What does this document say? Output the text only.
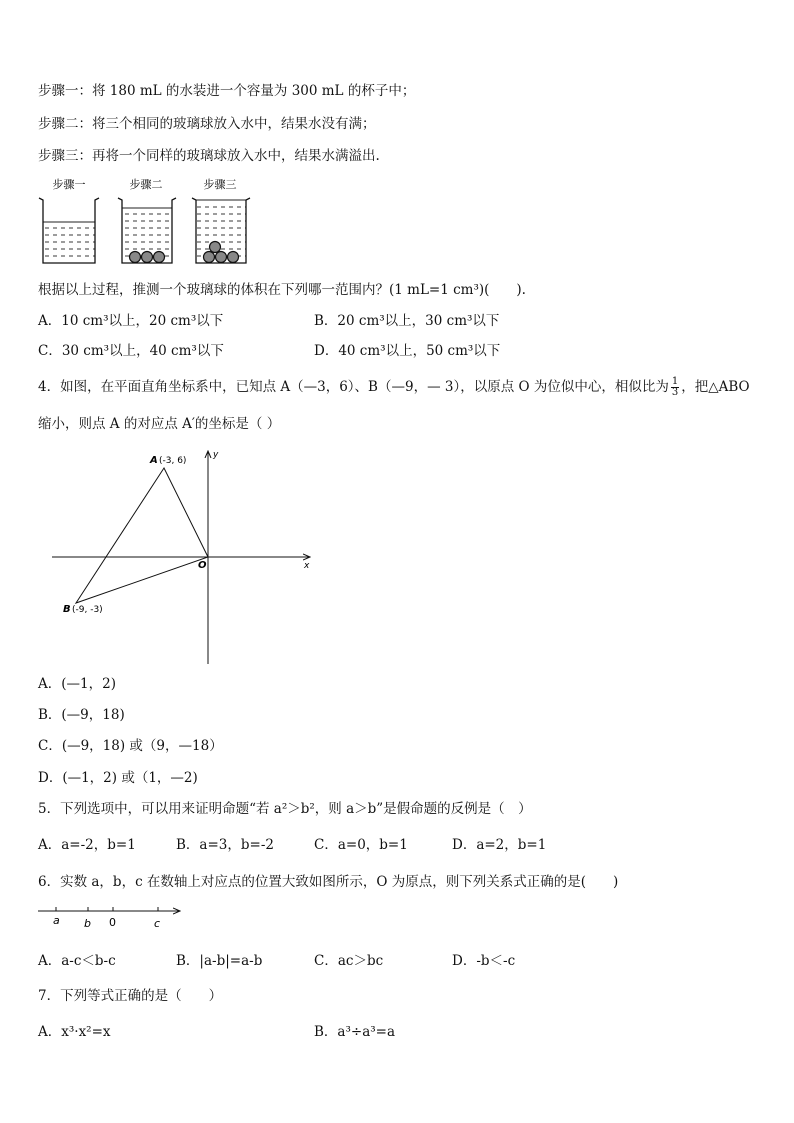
步骤一：将 180 mL 的水装进一个容量为 300 mL 的杯子中；
步骤二：将三个相同的玻璃球放入水中，结果水没有满；
步骤三：再将一个同样的玻璃球放入水中，结果水满溢出.
步骤一	步骤二	步骤三
根据以上过程，推测一个玻璃球的体积在下列哪一范围内？(1 mL=1 cm³)(　　).
A．10 cm³以上，20 cm³以下	B．20 cm³以上，30 cm³以下
C．30 cm³以上，40 cm³以下	D．40 cm³以上，50 cm³以下
4．如图，在平面直角坐标系中，已知点 A（—3，6）、B（—9，— 3），以原点 O 为位似中心，相似比为 $\frac{1}{3}$ ，把△ABO
缩小，则点 A 的对应点 A′的坐标是（ ）
x
y
O
A (-3, 6)
B (-9, -3)
A．(—1，2)
B．(—9，18)
C．(—9，18) 或（9，—18）
D．(—1，2) 或（1，—2)
5．下列选项中，可以用来证明命题“若 a²＞b²，则 a＞b”是假命题的反例是（　）
A．a=-2，b=1	B．a=3，b=-2	C．a=0，b=1	D．a=2，b=1
6．实数 a，b，c 在数轴上对应点的位置大致如图所示，O 为原点，则下列关系式正确的是(　　)
a b 0	c
A．a-c＜b-c	B．|a-b|=a-b	C．ac＞bc	D．-b＜-c
7．下列等式正确的是（　　）
A．x³·x²=x	B．a³÷a³=a
